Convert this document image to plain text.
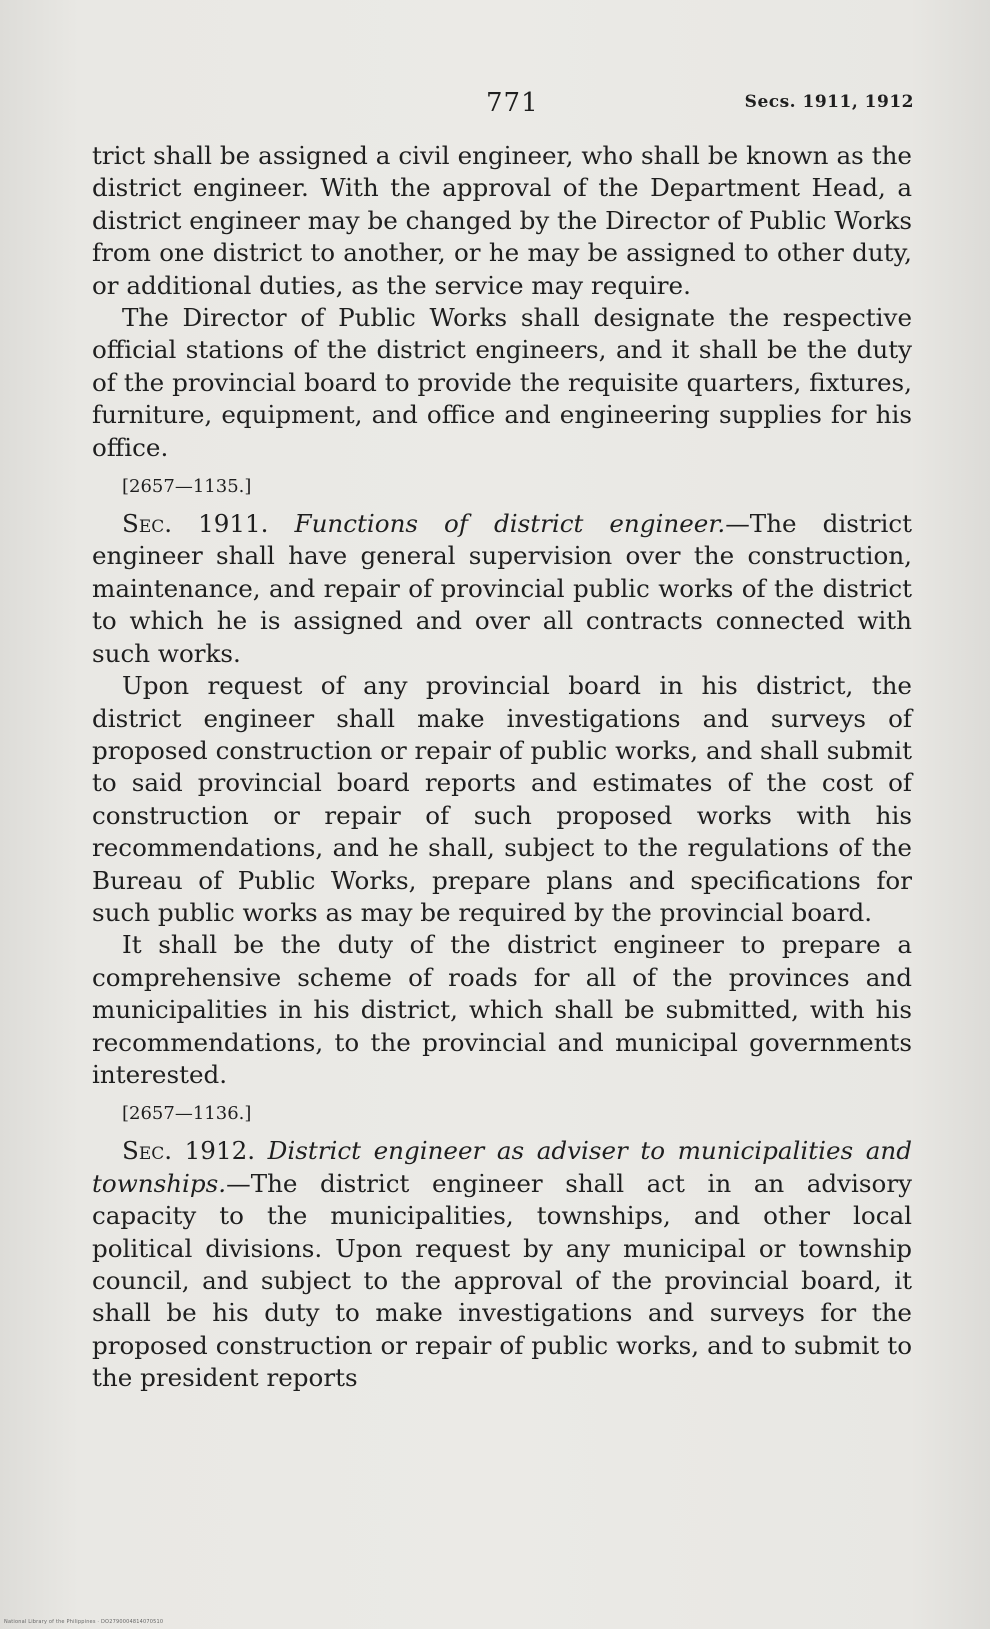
771	Secs. 1911, 1912

trict shall be assigned a civil engineer, who shall be known as the district engineer. With the approval of the Department Head, a district engineer may be changed by the Director of Public Works from one district to another, or he may be assigned to other duty, or additional duties, as the service may require.

The Director of Public Works shall designate the respective official stations of the district engineers, and it shall be the duty of the provincial board to provide the requisite quarters, fixtures, furniture, equipment, and office and engineering supplies for his office.

[2657—1135.]

Sec. 1911. Functions of district engineer.—The district engineer shall have general supervision over the construction, maintenance, and repair of provincial public works of the district to which he is assigned and over all contracts connected with such works.

Upon request of any provincial board in his district, the district engineer shall make investigations and surveys of proposed construction or repair of public works, and shall submit to said provincial board reports and estimates of the cost of construction or repair of such proposed works with his recommendations, and he shall, subject to the regulations of the Bureau of Public Works, prepare plans and specifications for such public works as may be required by the provincial board.

It shall be the duty of the district engineer to prepare a comprehensive scheme of roads for all of the provinces and municipalities in his district, which shall be submitted, with his recommendations, to the provincial and municipal governments interested.

[2657—1136.]

Sec. 1912. District engineer as adviser to municipalities and townships.—The district engineer shall act in an advisory capacity to the municipalities, townships, and other local political divisions. Upon request by any municipal or township council, and subject to the approval of the provincial board, it shall be his duty to make investigations and surveys for the proposed construction or repair of public works, and to submit to the president reports

National Library of the Philippines · DO2790004814070510
